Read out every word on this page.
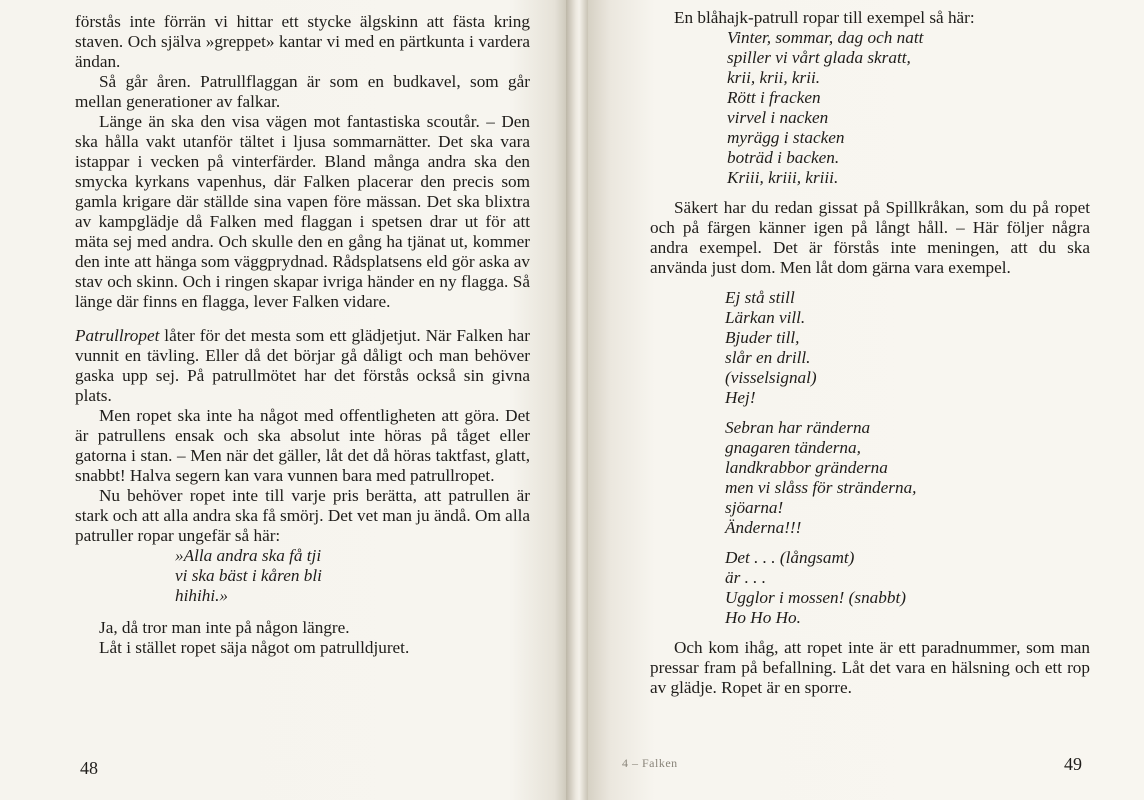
förstås inte förrän vi hittar ett stycke älgskinn att fästa kring staven. Och själva »greppet» kantar vi med en pärtkunta i vardera ändan.

Så går åren. Patrullflaggan är som en budkavel, som går mellan generationer av falkar.

Länge än ska den visa vägen mot fantastiska scoutår. – Den ska hålla vakt utanför tältet i ljusa sommarnätter. Det ska vara istappar i vecken på vinterfärder. Bland många andra ska den smycka kyrkans vapenhus, där Falken placerar den precis som gamla krigare där ställde sina vapen före mässan. Det ska blixtra av kampglädje då Falken med flaggan i spetsen drar ut för att mäta sej med andra. Och skulle den en gång ha tjänat ut, kommer den inte att hänga som väggprydnad. Rådsplatsens eld gör aska av stav och skinn. Och i ringen skapar ivriga händer en ny flagga. Så länge där finns en flagga, lever Falken vidare.

Patrullropet låter för det mesta som ett glädjetjut. När Falken har vunnit en tävling. Eller då det börjar gå dåligt och man behöver gaska upp sej. På patrullmötet har det förstås också sin givna plats.

Men ropet ska inte ha något med offentligheten att göra. Det är patrullens ensak och ska absolut inte höras på tåget eller gatorna i stan. – Men när det gäller, låt det då höras taktfast, glatt, snabbt! Halva segern kan vara vunnen bara med patrullropet.

Nu behöver ropet inte till varje pris berätta, att patrullen är stark och att alla andra ska få smörj. Det vet man ju ändå. Om alla patruller ropar ungefär så här:

»Alla andra ska få tji
vi ska bäst i kåren bli
hihihi.»
Ja, då tror man inte på någon längre.
Låt i stället ropet säja något om patrulldjuret.
48

En blåhajk-patrull ropar till exempel så här:

Vinter, sommar, dag och natt
spiller vi vårt glada skratt,
krii, krii, krii.
Rött i fracken
virvel i nacken
myrägg i stacken
boträd i backen.
Kriii, kriii, kriii.

Säkert har du redan gissat på Spillkråkan, som du på ropet och på färgen känner igen på långt håll. – Här följer några andra exempel. Det är förstås inte meningen, att du ska använda just dom. Men låt dom gärna vara exempel.

Ej stå still
Lärkan vill.
Bjuder till,
slår en drill.
(visselsignal)
Hej!
Sebran har ränderna
gnagaren tänderna,
landkrabbor gränderna
men vi slåss för stränderna,
sjöarna!
Änderna!!!
Det . . . (långsamt)
är . . .
Ugglor i mossen! (snabbt)
Ho Ho Ho.

Och kom ihåg, att ropet inte är ett paradnummer, som man pressar fram på befallning. Låt det vara en hälsning och ett rop av glädje. Ropet är en sporre.

4 – Falken	49
